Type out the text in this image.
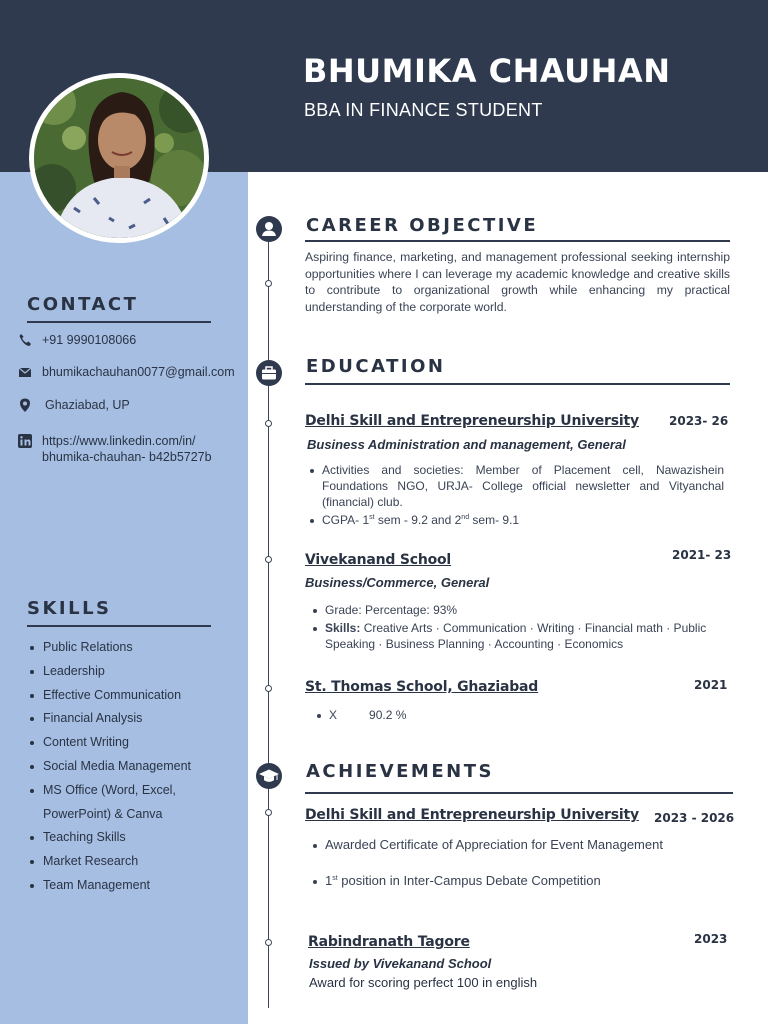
BHUMIKA CHAUHAN
BBA IN FINANCE STUDENT
CONTACT
+91 9990108066
bhumikachauhan0077@gmail.com
Ghaziabad, UP
https://www.linkedin.com/in/ bhumika-chauhan- b42b5727b
SKILLS
Public Relations
Leadership
Effective Communication
Financial Analysis
Content Writing
Social Media Management
MS Office (Word, Excel, PowerPoint) & Canva
Teaching Skills
Market Research
Team Management
CAREER OBJECTIVE

Aspiring finance, marketing, and management professional seeking internship opportunities where I can leverage my academic knowledge and creative skills to contribute to organizational growth while enhancing my practical understanding of the corporate world.

EDUCATION
Delhi Skill and Entrepreneurship University	2023- 26
Business Administration and management, General
Activities and societies: Member of Placement cell, Nawazishein Foundations NGO, URJA- College official newsletter and Vityanchal (financial) club.
CGPA- 1st sem - 9.2 and 2nd sem- 9.1
Vivekanand School	2021- 23
Business/Commerce, General
Grade: Percentage: 93%
Skills: Creative Arts · Communication · Writing · Financial math · Public Speaking · Business Planning · Accounting · Economics
St. Thomas School, Ghaziabad	2021
X	90.2 %
ACHIEVEMENTS
Delhi Skill and Entrepreneurship University 2023 - 2026
Awarded Certificate of Appreciation for Event Management
1st position in Inter-Campus Debate Competition
Rabindranath Tagore	2023
Issued by Vivekanand School
Award for scoring perfect 100 in english
